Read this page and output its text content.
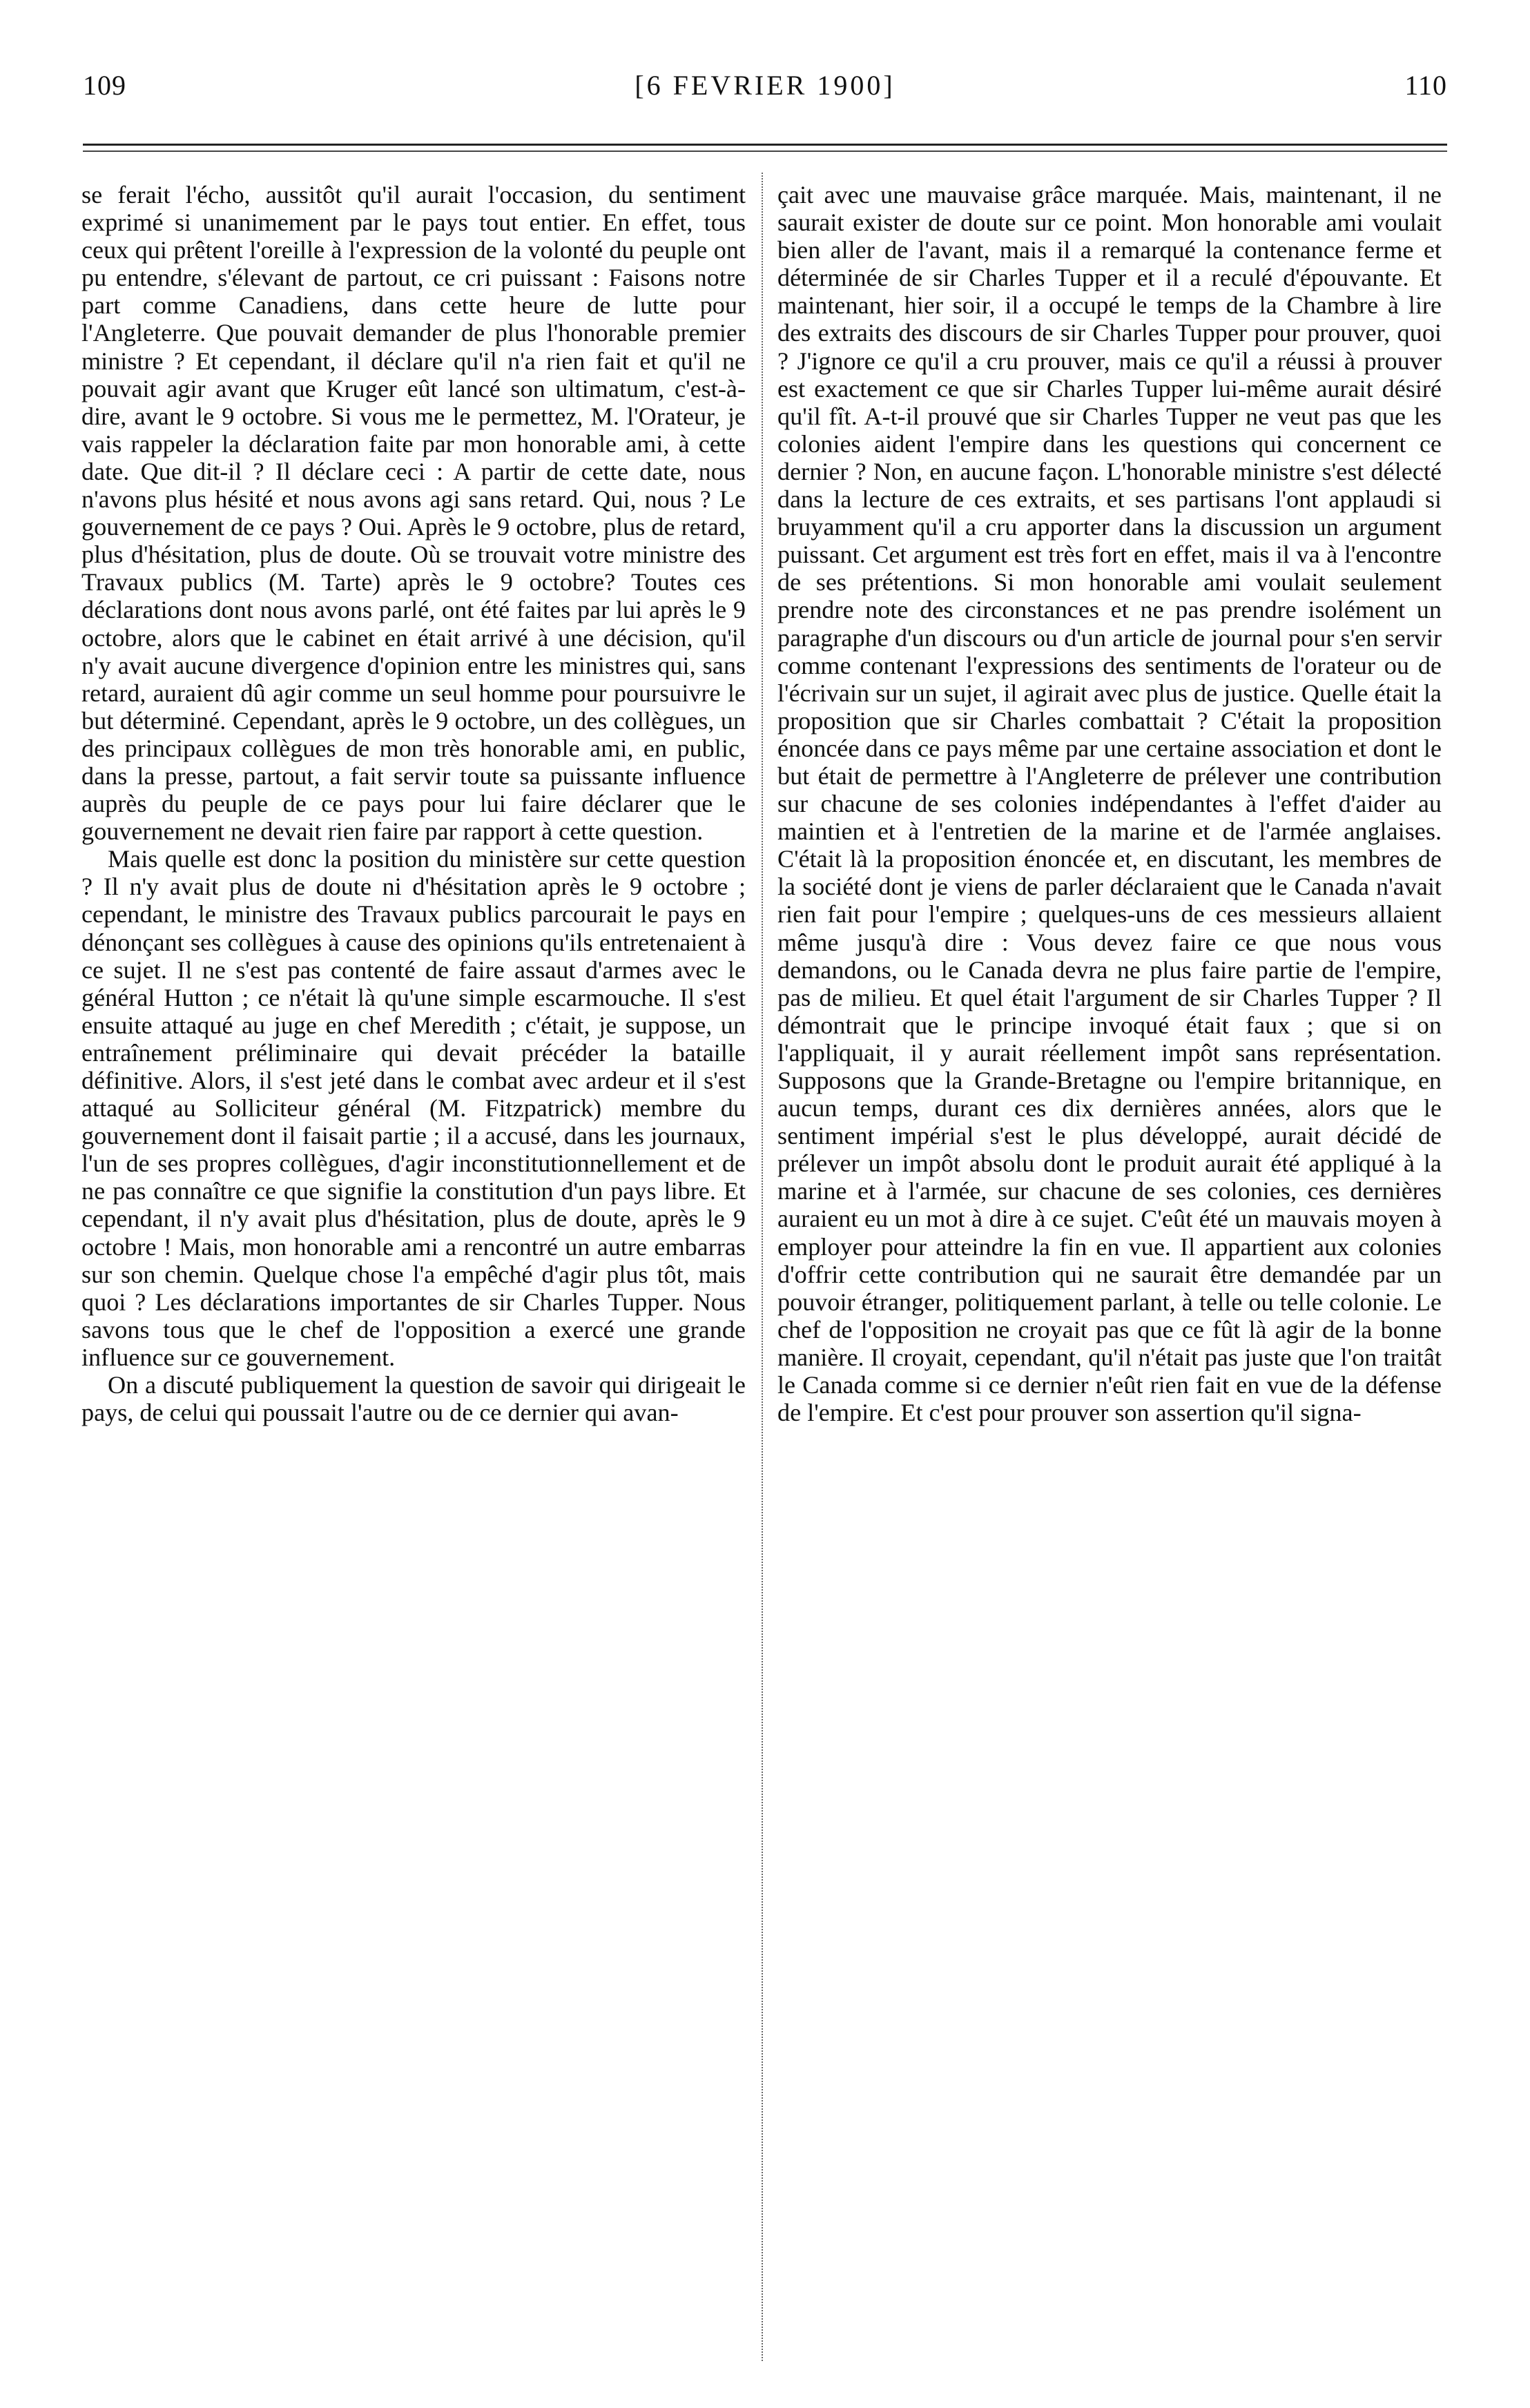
109	[6 FEVRIER 1900]	110

se ferait l'écho, aussitôt qu'il aurait l'occasion, du sentiment exprimé si unanimement par le pays tout entier. En effet, tous ceux qui prêtent l'oreille à l'expression de la volonté du peuple ont pu entendre, s'élevant de partout, ce cri puissant : Faisons notre part comme Canadiens, dans cette heure de lutte pour l'Angleterre. Que pouvait demander de plus l'honorable premier ministre ? Et cependant, il déclare qu'il n'a rien fait et qu'il ne pouvait agir avant que Kruger eût lancé son ultimatum, c'est-à-dire, avant le 9 octobre. Si vous me le permettez, M. l'Orateur, je vais rappeler la déclaration faite par mon honorable ami, à cette date. Que dit-il ? Il déclare ceci : A partir de cette date, nous n'avons plus hésité et nous avons agi sans retard. Qui, nous ? Le gouvernement de ce pays ? Oui. Après le 9 octobre, plus de retard, plus d'hésitation, plus de doute. Où se trouvait votre ministre des Travaux publics (M. Tarte) après le 9 octobre? Toutes ces déclarations dont nous avons parlé, ont été faites par lui après le 9 octobre, alors que le cabinet en était arrivé à une décision, qu'il n'y avait aucune divergence d'opinion entre les ministres qui, sans retard, auraient dû agir comme un seul homme pour poursuivre le but déterminé. Cependant, après le 9 octobre, un des collègues, un des principaux collègues de mon très honorable ami, en public, dans la presse, partout, a fait servir toute sa puissante influence auprès du peuple de ce pays pour lui faire déclarer que le gouvernement ne devait rien faire par rapport à cette question.

Mais quelle est donc la position du ministère sur cette question ? Il n'y avait plus de doute ni d'hésitation après le 9 octobre ; cependant, le ministre des Travaux publics parcourait le pays en dénonçant ses collègues à cause des opinions qu'ils entretenaient à ce sujet. Il ne s'est pas contenté de faire assaut d'armes avec le général Hutton ; ce n'était là qu'une simple escarmouche. Il s'est ensuite attaqué au juge en chef Meredith ; c'était, je suppose, un entraînement préliminaire qui devait précéder la bataille définitive. Alors, il s'est jeté dans le combat avec ardeur et il s'est attaqué au Solliciteur général (M. Fitzpatrick) membre du gouvernement dont il faisait partie ; il a accusé, dans les journaux, l'un de ses propres collègues, d'agir inconstitutionnellement et de ne pas connaître ce que signifie la constitution d'un pays libre. Et cependant, il n'y avait plus d'hésitation, plus de doute, après le 9 octobre ! Mais, mon honorable ami a rencontré un autre embarras sur son chemin. Quelque chose l'a empêché d'agir plus tôt, mais quoi ? Les déclarations importantes de sir Charles Tupper. Nous savons tous que le chef de l'opposition a exercé une grande influence sur ce gouvernement.

On a discuté publiquement la question de savoir qui dirigeait le pays, de celui qui poussait l'autre ou de ce dernier qui avan-

çait avec une mauvaise grâce marquée. Mais, maintenant, il ne saurait exister de doute sur ce point. Mon honorable ami voulait bien aller de l'avant, mais il a remarqué la contenance ferme et déterminée de sir Charles Tupper et il a reculé d'épouvante. Et maintenant, hier soir, il a occupé le temps de la Chambre à lire des extraits des discours de sir Charles Tupper pour prouver, quoi ? J'ignore ce qu'il a cru prouver, mais ce qu'il a réussi à prouver est exactement ce que sir Charles Tupper lui-même aurait désiré qu'il fît. A-t-il prouvé que sir Charles Tupper ne veut pas que les colonies aident l'empire dans les questions qui concernent ce dernier ? Non, en aucune façon. L'honorable ministre s'est délecté dans la lecture de ces extraits, et ses partisans l'ont applaudi si bruyamment qu'il a cru apporter dans la discussion un argument puissant. Cet argument est très fort en effet, mais il va à l'encontre de ses prétentions. Si mon honorable ami voulait seulement prendre note des circonstances et ne pas prendre isolément un paragraphe d'un discours ou d'un article de journal pour s'en servir comme contenant l'expressions des sentiments de l'orateur ou de l'écrivain sur un sujet, il agirait avec plus de justice. Quelle était la proposition que sir Charles combattait ? C'était la proposition énoncée dans ce pays même par une certaine association et dont le but était de permettre à l'Angleterre de prélever une contribution sur chacune de ses colonies indépendantes à l'effet d'aider au maintien et à l'entretien de la marine et de l'armée anglaises. C'était là la proposition énoncée et, en discutant, les membres de la société dont je viens de parler déclaraient que le Canada n'avait rien fait pour l'empire ; quelques-uns de ces messieurs allaient même jusqu'à dire : Vous devez faire ce que nous vous demandons, ou le Canada devra ne plus faire partie de l'empire, pas de milieu. Et quel était l'argument de sir Charles Tupper ? Il démontrait que le principe invoqué était faux ; que si on l'appliquait, il y aurait réellement impôt sans représentation. Supposons que la Grande-Bretagne ou l'empire britannique, en aucun temps, durant ces dix dernières années, alors que le sentiment impérial s'est le plus développé, aurait décidé de prélever un impôt absolu dont le produit aurait été appliqué à la marine et à l'armée, sur chacune de ses colonies, ces dernières auraient eu un mot à dire à ce sujet. C'eût été un mauvais moyen à employer pour atteindre la fin en vue. Il appartient aux colonies d'offrir cette contribution qui ne saurait être demandée par un pouvoir étranger, politiquement parlant, à telle ou telle colonie. Le chef de l'opposition ne croyait pas que ce fût là agir de la bonne manière. Il croyait, cependant, qu'il n'était pas juste que l'on traitât le Canada comme si ce dernier n'eût rien fait en vue de la défense de l'empire. Et c'est pour prouver son assertion qu'il signa-
